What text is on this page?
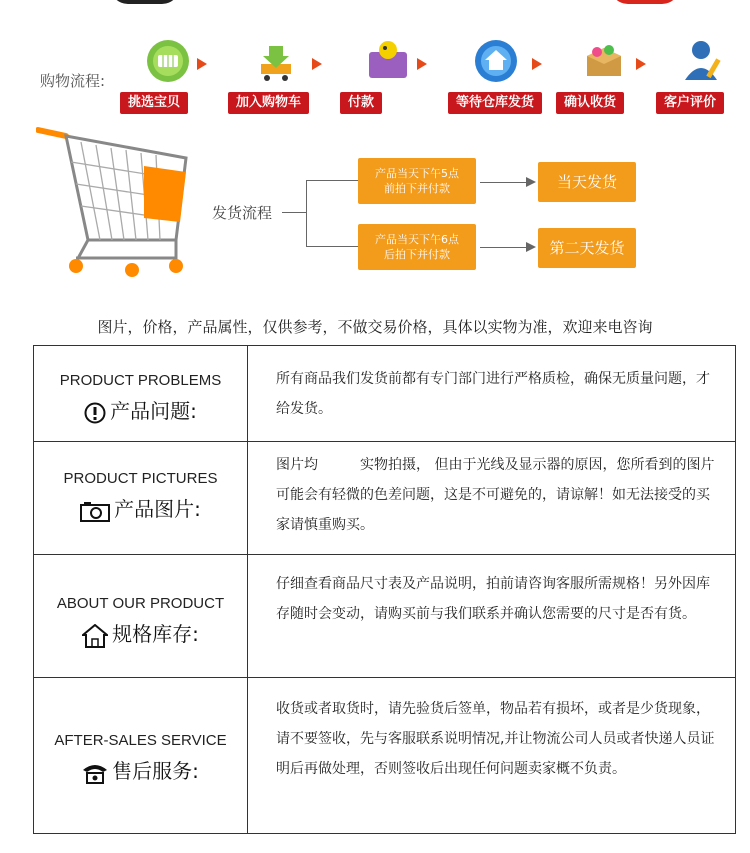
购物流程:
挑选宝贝	加入购物车	付款	等待仓库发货	确认收货	客户评价
发货流程
产品当天下午5点前拍下并付款	当天发货
产品当天下午6点后拍下并付款	第二天发货
图片，价格，产品属性，仅供参考，不做交易价格，具体以实物为准，欢迎来电咨询
PRODUCT PROBLEMS
产品问题:
所有商品我们发货前都有专门部门进行严格质检，确保无质量问题，才给发货。
PRODUCT PICTURES
产品图片:
图片均　　　实物拍摄， 但由于光线及显示器的原因，您所看到的图片可能会有轻微的色差问题，这是不可避免的，请谅解！如无法接受的买家请慎重购买。
ABOUT OUR PRODUCT
规格库存:
仔细查看商品尺寸表及产品说明，拍前请咨询客服所需规格！另外因库存随时会变动，请购买前与我们联系并确认您需要的尺寸是否有货。
AFTER-SALES SERVICE
售后服务:
收货或者取货时，请先验货后签单，物品若有损坏，或者是少货现象，请不要签收，先与客服联系说明情况,并让物流公司人员或者快递人员证明后再做处理，否则签收后出现任何问题卖家概不负责。
